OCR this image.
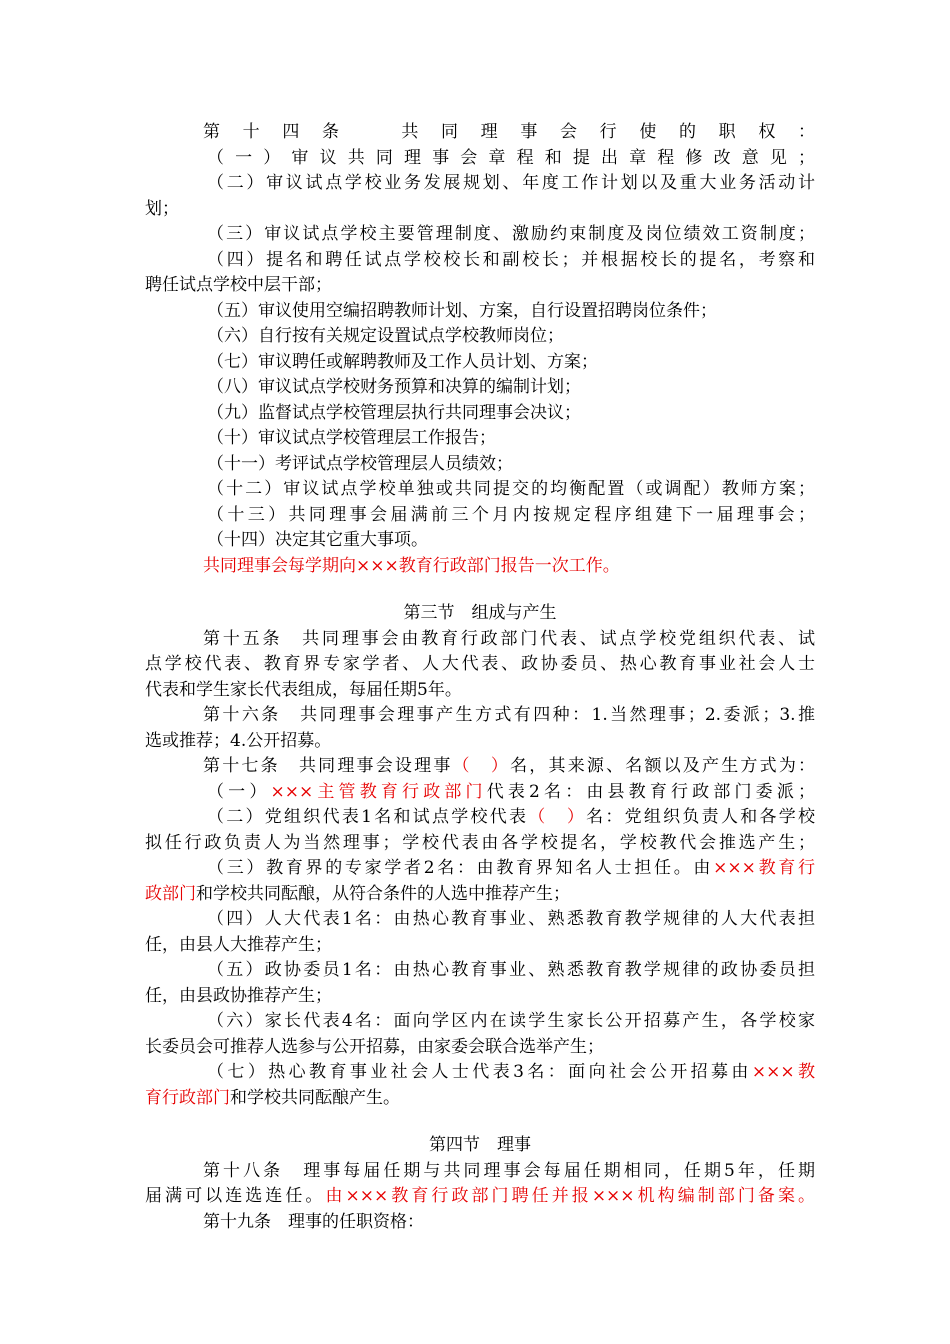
第十四条　共同理事会行使的职权：
（一）审议共同理事会章程和提出章程修改意见；
（二）审议试点学校业务发展规划、年度工作计划以及重大业务活动计
划；
（三）审议试点学校主要管理制度、激励约束制度及岗位绩效工资制度；
（四）提名和聘任试点学校校长和副校长；并根据校长的提名，考察和
聘任试点学校中层干部；
（五）审议使用空编招聘教师计划、方案，自行设置招聘岗位条件；
（六）自行按有关规定设置试点学校教师岗位；
（七）审议聘任或解聘教师及工作人员计划、方案；
（八）审议试点学校财务预算和决算的编制计划；
（九）监督试点学校管理层执行共同理事会决议；
（十）审议试点学校管理层工作报告；
（十一）考评试点学校管理层人员绩效；
（十二）审议试点学校单独或共同提交的均衡配置（或调配）教师方案；
（十三）共同理事会届满前三个月内按规定程序组建下一届理事会；
（十四）决定其它重大事项。
共同理事会每学期向×××教育行政部门报告一次工作。
第三节　组成与产生
第十五条　共同理事会由教育行政部门代表、试点学校党组织代表、试
点学校代表、教育界专家学者、人大代表、政协委员、热心教育事业社会人士
代表和学生家长代表组成，每届任期5年。
第十六条　共同理事会理事产生方式有四种：1.当然理事；2.委派；3.推
选或推荐；4.公开招募。
第十七条　共同理事会设理事（　）名，其来源、名额以及产生方式为：
（一）×××主管教育行政部门代表2名：由县教育行政部门委派；
（二）党组织代表1名和试点学校代表（　）名：党组织负责人和各学校
拟任行政负责人为当然理事；学校代表由各学校提名，学校教代会推选产生；
（三）教育界的专家学者2名：由教育界知名人士担任。由×××教育行
政部门和学校共同酝酿，从符合条件的人选中推荐产生；
（四）人大代表1名：由热心教育事业、熟悉教育教学规律的人大代表担
任，由县人大推荐产生；
（五）政协委员1名：由热心教育事业、熟悉教育教学规律的政协委员担
任，由县政协推荐产生；
（六）家长代表4名：面向学区内在读学生家长公开招募产生，各学校家
长委员会可推荐人选参与公开招募，由家委会联合选举产生；
（七）热心教育事业社会人士代表3名：面向社会公开招募由×××教
育行政部门和学校共同酝酿产生。
第四节　理事
第十八条　理事每届任期与共同理事会每届任期相同，任期5年，任期
届满可以连选连任。由×××教育行政部门聘任并报×××机构编制部门备案。
第十九条　理事的任职资格：
